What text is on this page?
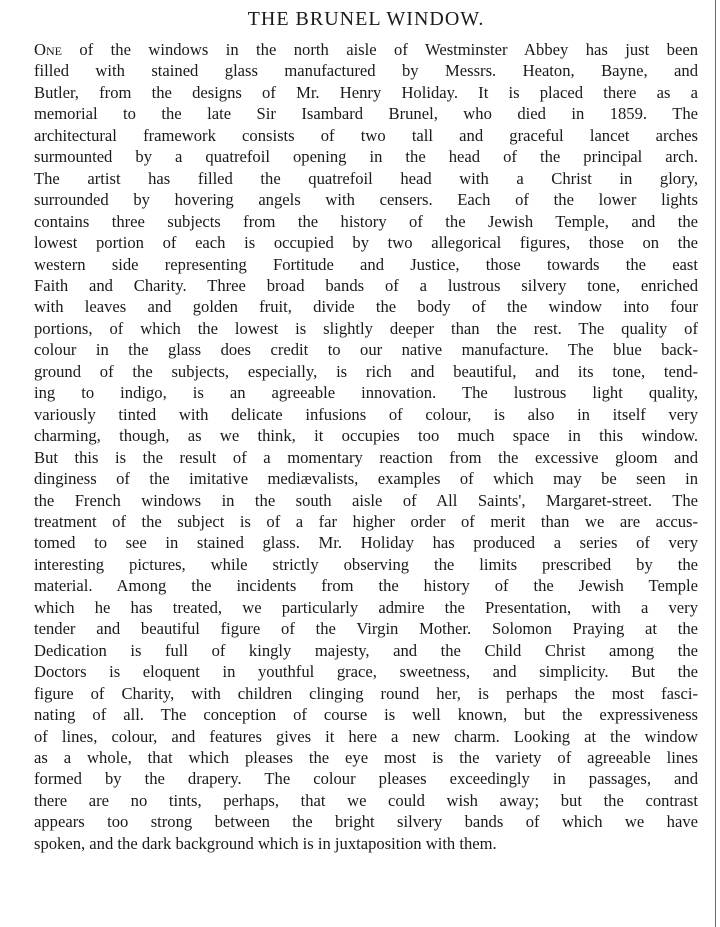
THE BRUNEL WINDOW.
One of the windows in the north aisle of Westminster Abbey has just been
filled with stained glass manufactured by Messrs. Heaton, Bayne, and
Butler, from the designs of Mr. Henry Holiday. It is placed there as a
memorial to the late Sir Isambard Brunel, who died in 1859. The
architectural framework consists of two tall and graceful lancet arches
surmounted by a quatrefoil opening in the head of the principal arch.
The artist has filled the quatrefoil head with a Christ in glory,
surrounded by hovering angels with censers. Each of the lower lights
contains three subjects from the history of the Jewish Temple, and the
lowest portion of each is occupied by two allegorical figures, those on the
western side representing Fortitude and Justice, those towards the east
Faith and Charity. Three broad bands of a lustrous silvery tone, enriched
with leaves and golden fruit, divide the body of the window into four
portions, of which the lowest is slightly deeper than the rest. The quality of
colour in the glass does credit to our native manufacture. The blue back-
ground of the subjects, especially, is rich and beautiful, and its tone, tend-
ing to indigo, is an agreeable innovation. The lustrous light quality,
variously tinted with delicate infusions of colour, is also in itself very
charming, though, as we think, it occupies too much space in this window.
But this is the result of a momentary reaction from the excessive gloom and
dinginess of the imitative mediævalists, examples of which may be seen in
the French windows in the south aisle of All Saints', Margaret-street. The
treatment of the subject is of a far higher order of merit than we are accus-
tomed to see in stained glass. Mr. Holiday has produced a series of very
interesting pictures, while strictly observing the limits prescribed by the
material. Among the incidents from the history of the Jewish Temple
which he has treated, we particularly admire the Presentation, with a very
tender and beautiful figure of the Virgin Mother. Solomon Praying at the
Dedication is full of kingly majesty, and the Child Christ among the
Doctors is eloquent in youthful grace, sweetness, and simplicity. But the
figure of Charity, with children clinging round her, is perhaps the most fasci-
nating of all. The conception of course is well known, but the expressiveness
of lines, colour, and features gives it here a new charm. Looking at the window
as a whole, that which pleases the eye most is the variety of agreeable lines
formed by the drapery. The colour pleases exceedingly in passages, and
there are no tints, perhaps, that we could wish away; but the contrast
appears too strong between the bright silvery bands of which we have
spoken, and the dark background which is in juxtaposition with them.
